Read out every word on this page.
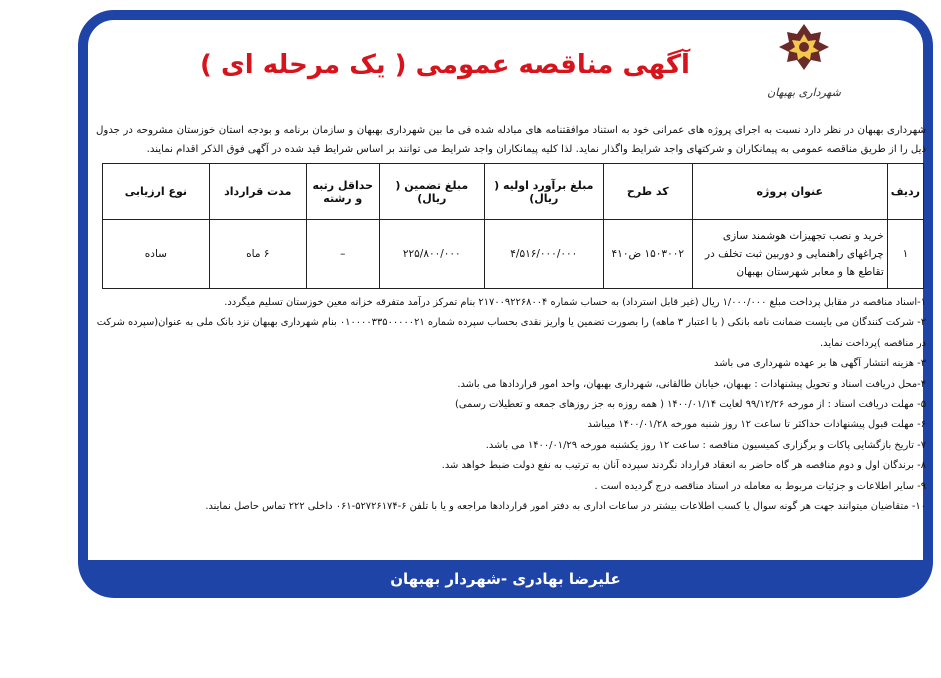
علیرضا بهادری -شهردار بهبهان
شهرداری بهبهان
آگهی مناقصه عمومی ( یک مرحله ای )
شهرداری بهبهان در نظر دارد نسبت به اجرای پروژه های عمرانی خود به استناد موافقتنامه های مبادله شده فی ما بین شهرداری بهبهان و سازمان برنامه و بودجه استان خوزستان مشروحه در جدول ذیل را از طریق مناقصه عمومی به پیمانکاران و شرکتهای واجد شرایط واگذار نماید. لذا کلیه پیمانکاران واجد شرایط می توانند بر اساس شرایط قید شده در آگهی فوق الذکر اقدام نمایند.
ردیف	عنوان پروژه	کد طرح	مبلغ برآورد اولیه ( ریال)	مبلغ تضمین ( ریال)	حداقل رتبه و رشته	مدت قرارداد	نوع ارزیابی
۱	خرید و نصب تجهیزات هوشمند سازی چراغهای راهنمایی و دوربین ثبت تخلف در تقاطع ها و معابر شهرستان بهبهان	۱۵۰۳۰۰۲ ض۴۱۰	۴/۵۱۶/۰۰۰/۰۰۰	۲۲۵/۸۰۰/۰۰۰	–	۶ ماه	ساده

۱-اسناد مناقصه در مقابل پرداخت مبلغ ۱/۰۰۰/۰۰۰ ریال (غیر قابل استرداد) به حساب شماره ۲۱۷۰۰۹۲۲۶۸۰۰۴ بنام تمرکز درآمد متفرقه خزانه معین خوزستان تسلیم میگردد.

۲- شرکت کنندگان می بایست ضمانت نامه بانکی ( با اعتبار ۳ ماهه) را بصورت تضمین یا واریز نقدی بحساب سپرده شماره ۰۱۰۰۰۰۳۳۵۰۰۰۰۰۲۱ بنام شهرداری بهبهان نزد بانک ملی به عنوان(سپرده شرکت در مناقصه )پرداخت نماید.

۳- هزینه انتشار آگهی ها بر عهده شهرداری می باشد

۴-محل دریافت اسناد و تحویل پیشنهادات : بهبهان، خیابان طالقانی، شهرداری بهبهان، واحد امور قراردادها می باشد.

۵- مهلت دریافت اسناد : از مورخه ۹۹/۱۲/۲۶ لغایت ۱۴۰۰/۰۱/۱۴ ( همه روزه به جز روزهای جمعه و تعطیلات رسمی)

۶- مهلت قبول پیشنهادات حداکثر تا ساعت ۱۲ روز شنبه مورخه ۱۴۰۰/۰۱/۲۸ میباشد

۷- تاریخ بازگشایی پاکات و برگزاری کمیسیون مناقصه : ساعت ۱۲ روز یکشنبه مورخه ۱۴۰۰/۰۱/۲۹ می باشد.

۸- برندگان اول و دوم مناقصه هر گاه حاضر به انعقاد قرارداد نگردند سپرده آنان به ترتیب به نفع دولت ضبط خواهد شد.

۹- سایر اطلاعات و جزئیات مربوط به معامله در اسناد مناقصه درج گردیده است .

۱۰- متقاضیان میتوانند جهت هر گونه سوال یا کسب اطلاعات بیشتر در ساعات اداری به دفتر امور قراردادها مراجعه و یا با تلفن ۶-۵۲۷۲۶۱۷۴-۰۶۱ داخلی ۲۲۲ تماس حاصل نمایند.
